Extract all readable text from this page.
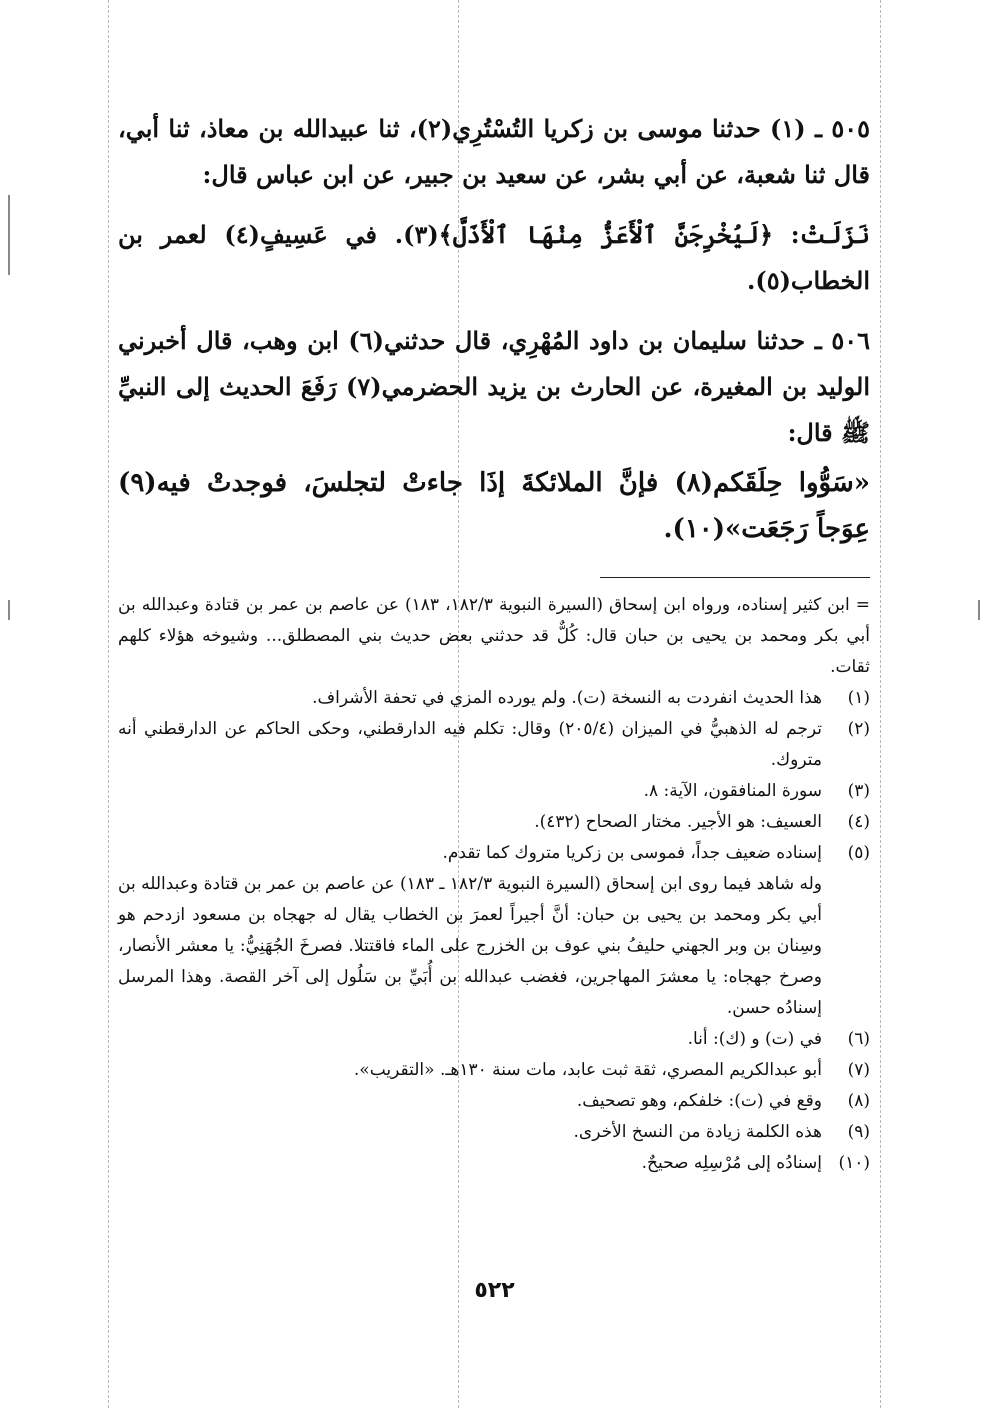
٥٠٥ ـ (١) حدثنا موسى بن زكريا التُسْتُرِي(٢)، ثنا عبيدالله بن معاذ، ثنا أبي، قال ثنا شعبة، عن أبي بشر، عن سعيد بن جبير، عن ابن عباس قال:

نَزَلَتْ: ﴿لَيُخْرِجَنَّ ٱلْأَعَزُّ مِنْهَا ٱلْأَذَلَّ﴾(٣). في عَسِيفٍ(٤) لعمر بن الخطاب(٥).

٥٠٦ ـ حدثنا سليمان بن داود المُهْرِي، قال حدثني(٦) ابن وهب، قال أخبرني الوليد بن المغيرة، عن الحارث بن يزيد الحضرمي(٧) رَفَعَ الحديث إلى النبيِّ ﷺ قال:

«سَوُّوا حِلَقَكم(٨) فإنَّ الملائكةَ إذَا جاءتْ لتجلسَ، فوجدتْ فيه(٩) عِوَجاً رَجَعَت»(١٠).

= ابن كثير إسناده، ورواه ابن إسحاق (السيرة النبوية ١٨٢/٣، ١٨٣) عن عاصم بن عمر بن قتادة وعبدالله بن أبي بكر ومحمد بن يحيى بن حبان قال: كُلٌّ قد حدثني بعض حديث بني المصطلق... وشيوخه هؤلاء كلهم ثقات.
(١)
هذا الحديث انفردت به النسخة (ت). ولم يورده المزي في تحفة الأشراف.
(٢)
ترجم له الذهبيُّ في الميزان (٢٠٥/٤) وقال: تكلم فيه الدارقطني، وحكى الحاكم عن الدارقطني أنه متروك.
(٣)
سورة المنافقون، الآية: ٨.
(٤)
العسيف: هو الأجير. مختار الصحاح (٤٣٢).
(٥)
إسناده ضعيف جداً، فموسى بن زكريا متروك كما تقدم.
وله شاهد فيما روى ابن إسحاق (السيرة النبوية ١٨٢/٣ ـ ١٨٣) عن عاصم بن عمر بن قتادة وعبدالله بن أبي بكر ومحمد بن يحيى بن حبان: أنَّ أجيراً لعمرَ بن الخطاب يقال له جهجاه بن مسعود ازدحم هو وسِنان بن وبر الجهني حليفُ بني عوف بن الخزرج على الماء فاقتتلا. فصرخَ الجُهَنِيُّ: يا معشر الأنصار، وصرخ جهجاه: يا معشرَ المهاجرين، فغضب عبدالله بن أُبَيِّ بن سَلُول إلى آخر القصة. وهذا المرسل إسنادُه حسن.
(٦)
في (ت) و (ك): أنا.
(٧)
أبو عبدالكريم المصري، ثقة ثبت عابد، مات سنة ١٣٠هـ. «التقريب».
(٨)
وقع في (ت): خلفكم، وهو تصحيف.
(٩)
هذه الكلمة زيادة من النسخ الأخرى.
(١٠)
إسنادُه إلى مُرْسِلِه صحيحٌ.
٥٢٢
